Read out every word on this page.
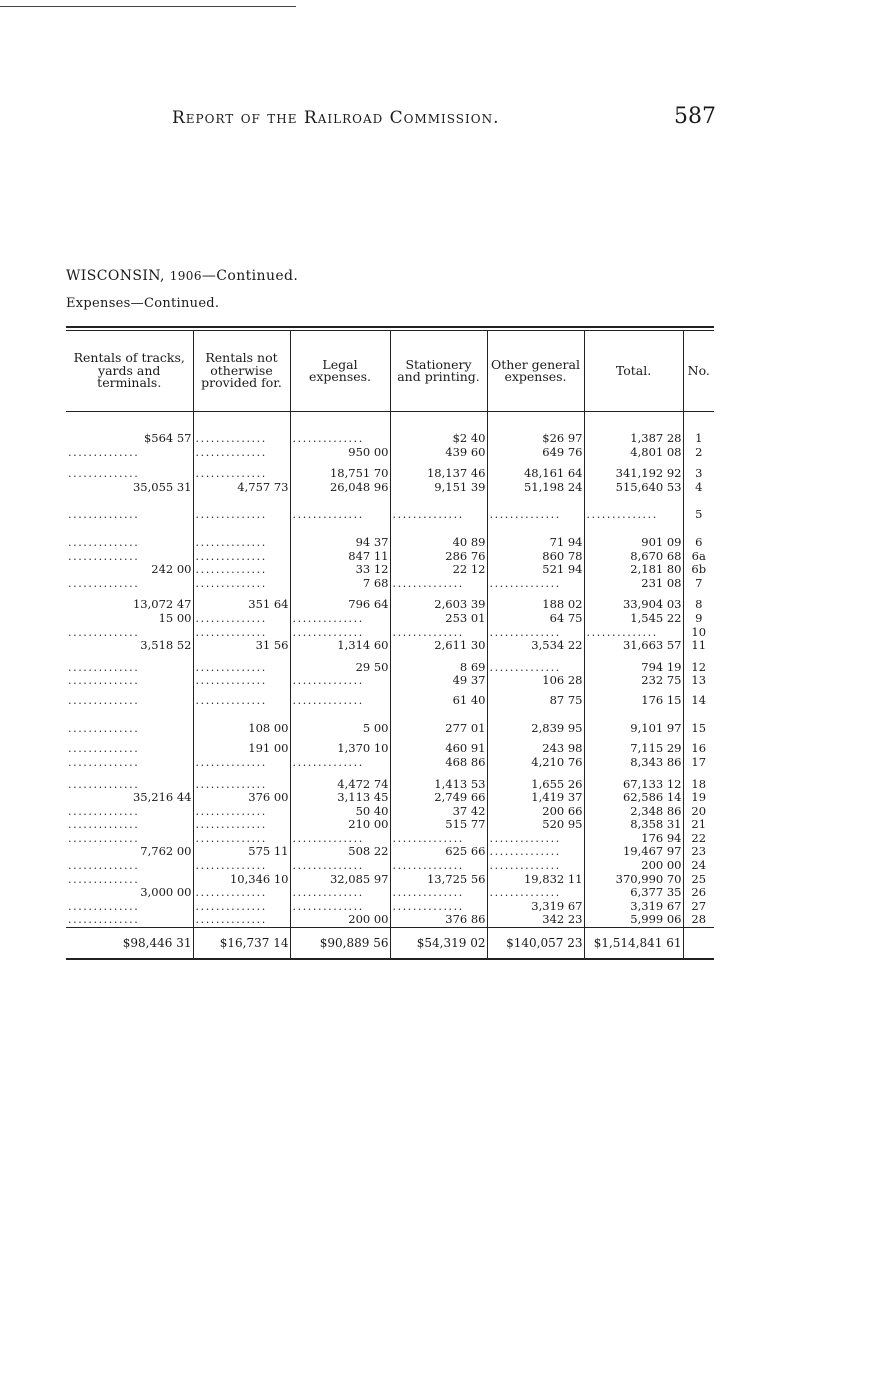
Report of the Railroad Commission.	587
WISCONSIN, 1906—Continued.
Expenses—Continued.
Rentals of tracks, yards and terminals.	Rentals not otherwise provided for.	Legal expenses.	Stationery and printing.	Other general expenses.	Total.	No.

$564 57	..............	..............	$2 40	$26 97	1,387 28	1
..............	..............	950 00	439 60	649 76	4,801 08	2

..............	..............	18,751 70	18,137 46	48,161 64	341,192 92	3
35,055 31	4,757 73	26,048 96	9,151 39	51,198 24	515,640 53	4

..............	..............	..............	..............	..............	..............	5

..............	..............	94 37	40 89	71 94	901 09	6
..............	..............	847 11	286 76	860 78	8,670 68	6a
242 00	..............	33 12	22 12	521 94	2,181 80	6b
..............	..............	7 68	..............	..............	231 08	7

13,072 47	351 64	796 64	2,603 39	188 02	33,904 03	8
15 00	..............	..............	253 01	64 75	1,545 22	9
..............	..............	..............	..............	..............	..............	10
3,518 52	31 56	1,314 60	2,611 30	3,534 22	31,663 57	11

..............	..............	29 50	8 69	..............	794 19	12
..............	..............	..............	49 37	106 28	232 75	13
..............	..............	..............	61 40	87 75	176 15	14

..............	108 00	5 00	277 01	2,839 95	9,101 97	15
..............	191 00	1,370 10	460 91	243 98	7,115 29	16
..............	..............	..............	468 86	4,210 76	8,343 86	17

..............	..............	4,472 74	1,413 53	1,655 26	67,133 12	18
35,216 44	376 00	3,113 45	2,749 66	1,419 37	62,586 14	19
..............	..............	50 40	37 42	200 66	2,348 86	20
..............	..............	210 00	515 77	520 95	8,358 31	21
..............	..............	..............	..............	..............	176 94	22
7,762 00	575 11	508 22	625 66	..............	19,467 97	23
..............	..............	..............	..............	..............	200 00	24
..............	10,346 10	32,085 97	13,725 56	19,832 11	370,990 70	25
3,000 00	..............	..............	..............	..............	6,377 35	26
..............	..............	..............	..............	3,319 67	3,319 67	27
..............	..............	200 00	376 86	342 23	5,999 06	28
$98,446 31	$16,737 14	$90,889 56	$54,319 02	$140,057 23	$1,514,841 61	
